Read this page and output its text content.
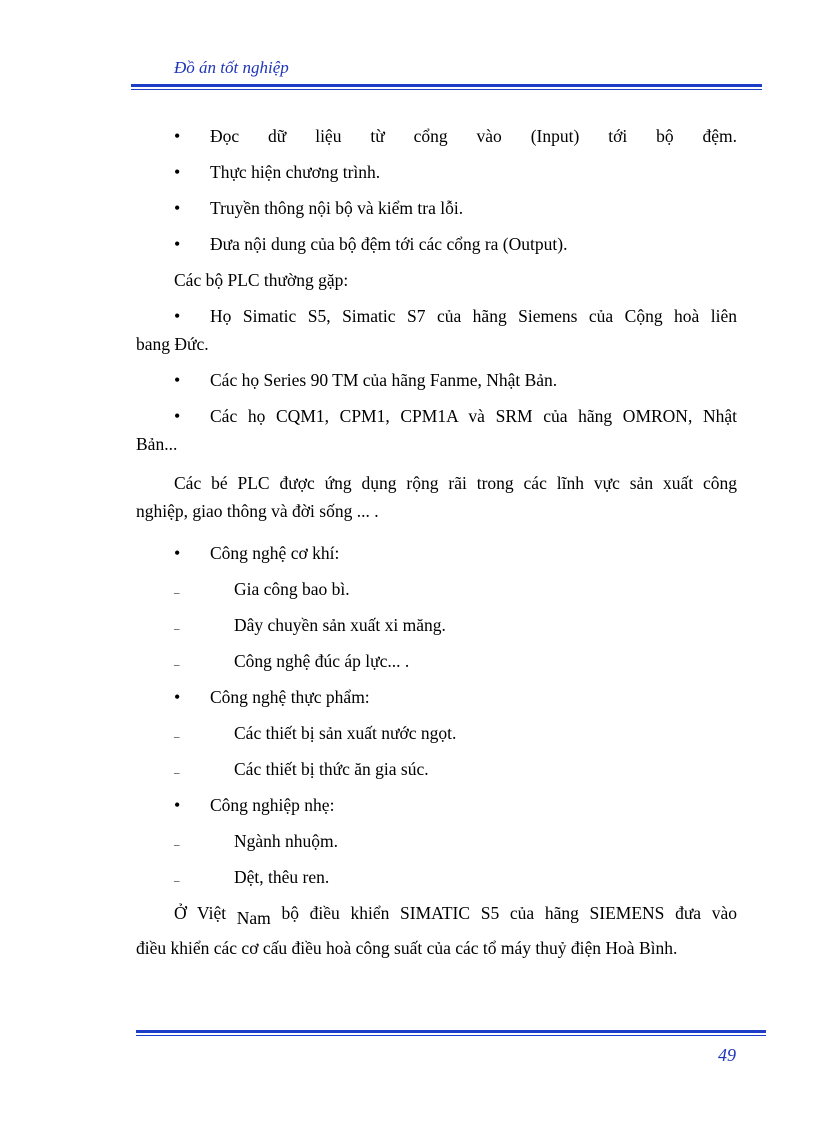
Đồ án tốt nghiệp

• Đọc dữ liệu từ cổng vào (Input) tới bộ đệm.

• Thực hiện chương trình.

• Truyền thông nội bộ và kiểm tra lỗi.

• Đưa nội dung của bộ đệm tới các cổng ra (Output).

Các bộ PLC thường gặp:

• Họ Simatic S5, Simatic S7 của hãng Siemens của Cộng hoà liên
bang Đức.

• Các họ Series 90 TM của hãng Fanme, Nhật Bản.

• Các họ CQM1, CPM1, CPM1A và SRM của hãng OMRON, Nhật
Bản...
Các bé PLC được ứng dụng rộng rãi trong các lĩnh vực sản xuất công
nghiệp, giao thông và đời sống ... .

• Công nghệ cơ khí:

– Gia công bao bì.

– Dây chuyền sản xuất xi măng.

– Công nghệ đúc áp lực... .

• Công nghệ thực phẩm:

– Các thiết bị sản xuất nước ngọt.

– Các thiết bị thức ăn gia súc.

• Công nghiệp nhẹ:

– Ngành nhuộm.

– Dệt, thêu ren.

Ở Việt Nam bộ điều khiển SIMATIC S5 của hãng SIEMENS đưa vào
điều khiển các cơ cấu điều hoà công suất của các tổ máy thuỷ điện Hoà Bình.
49
